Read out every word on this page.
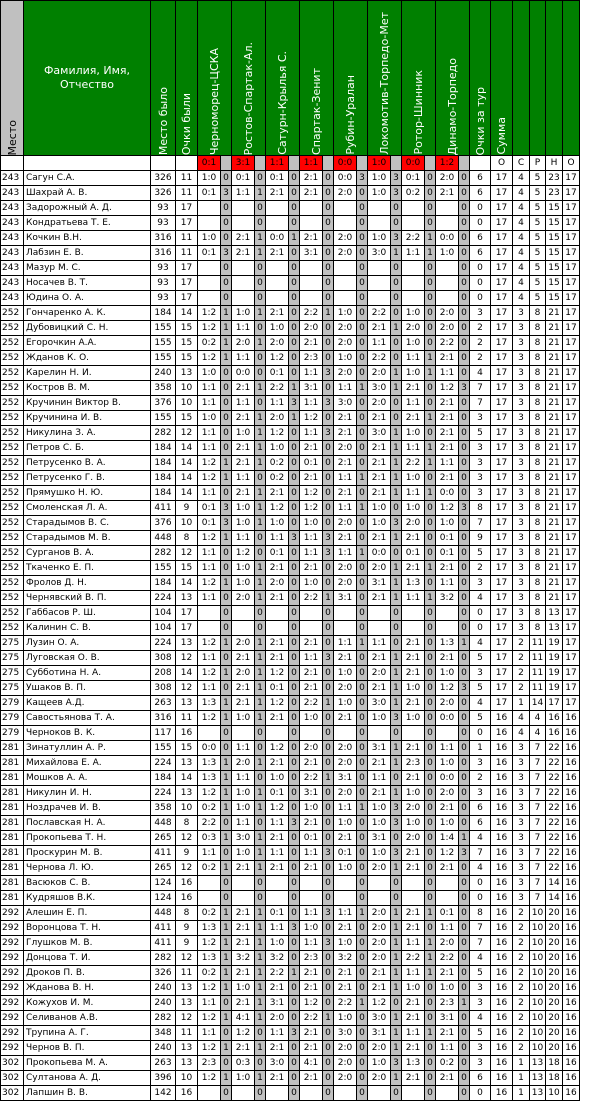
Место	Фамилия, Имя, Отчество	Место было	Очки были	Черноморец-ЦСКА		Ростов-Спартак-Ал.		Сатурн-Крылья С.		Спартак-Зенит		Рубин-Уралан		Локомотив-Торпедо-Мет		Ротор-Шинник		Динамо-Торпедо		Очки за тур	Сумма				

				0:1		3:1		1:1		1:1		0:0		1:0		0:0		1:2			О	С	Р	Н	О
243	Сагун С.А.	326	11	1:0	0	0:1	0	0:1	0	2:1	0	0:0	3	1:0	3	0:1	0	2:0	0	6	17	4	5	23	17
243	Шахрай А. В.	326	11	0:1	3	1:1	1	2:1	0	2:1	0	2:0	0	1:0	3	0:2	0	2:1	0	6	17	4	5	23	17
243	Задорожный А. Д.	93	17		0		0		0		0		0		0		0		0	0	17	4	5	15	17
243	Кондратьева Т. Е.	93	17		0		0		0		0		0		0		0		0	0	17	4	5	15	17
243	Кочкин В.Н.	316	11	1:0	0	2:1	1	0:0	1	2:1	0	2:0	0	1:0	3	2:2	1	0:0	0	6	17	4	5	15	17
243	Лабзин Е. В.	316	11	0:1	3	2:1	1	2:1	0	3:1	0	2:0	0	3:0	1	1:1	1	1:0	0	6	17	4	5	15	17
243	Мазур М. С.	93	17		0		0		0		0		0		0		0		0	0	17	4	5	15	17
243	Носачев В. Т.	93	17		0		0		0		0		0		0		0		0	0	17	4	5	15	17
243	Юдина О. А.	93	17		0		0		0		0		0		0		0		0	0	17	4	5	15	17
252	Гончаренко А. К.	184	14	1:2	1	1:0	1	2:1	0	2:2	1	1:0	0	2:2	0	1:0	0	2:0	0	3	17	3	8	21	17
252	Дубовицкий С. Н.	155	15	1:2	1	1:1	0	1:0	0	2:0	0	2:0	0	2:1	1	2:0	0	2:0	0	2	17	3	8	21	17
252	Егорочкин А.А.	155	15	0:2	1	2:0	1	2:0	0	2:1	0	2:0	0	1:1	0	1:0	0	2:2	0	2	17	3	8	21	17
252	Жданов К. О.	155	15	1:2	1	1:1	0	1:2	0	2:3	0	1:0	0	2:2	0	1:1	1	2:1	0	2	17	3	8	21	17
252	Карелин Н. И.	240	13	1:0	0	0:0	0	0:1	0	1:1	3	2:0	0	2:0	1	1:0	1	1:1	0	4	17	3	8	21	17
252	Костров В. М.	358	10	1:1	0	2:1	1	2:2	1	3:1	0	1:1	1	3:0	1	2:1	0	1:2	3	7	17	3	8	21	17
252	Кручинин Виктор В.	376	10	1:1	0	1:1	0	1:1	3	1:1	3	3:0	0	2:0	0	1:1	0	2:1	0	7	17	3	8	21	17
252	Кручинина И. В.	155	15	1:0	0	2:1	1	2:0	1	1:2	0	2:1	0	2:1	0	2:1	1	2:1	0	3	17	3	8	21	17
252	Никулина З. А.	282	12	1:1	0	1:0	1	1:2	0	1:1	3	2:1	0	3:0	1	1:0	0	2:1	0	5	17	3	8	21	17
252	Петров С. Б.	184	14	1:1	0	2:1	1	1:0	0	2:1	0	2:0	0	2:1	1	1:1	1	2:1	0	3	17	3	8	21	17
252	Петрусенко В. А.	184	14	1:2	1	2:1	1	0:2	0	0:1	0	2:1	0	2:1	1	2:2	1	1:1	0	3	17	3	8	21	17
252	Петрусенко Г. В.	184	14	1:2	1	1:1	0	0:2	0	2:1	0	1:1	1	2:1	1	1:0	0	2:1	0	3	17	3	8	21	17
252	Прямушко Н. Ю.	184	14	1:1	0	2:1	1	2:1	0	1:2	0	2:1	0	2:1	1	1:1	1	0:0	0	3	17	3	8	21	17
252	Смоленская Л. А.	411	9	0:1	3	1:0	1	1:2	0	1:2	0	1:1	1	1:0	0	1:0	0	1:2	3	8	17	3	8	21	17
252	Старадымов В. С.	376	10	0:1	3	1:0	1	1:0	0	1:0	0	2:0	0	1:0	3	2:0	0	1:0	0	7	17	3	8	21	17
252	Старадымов М. В.	448	8	1:2	1	1:1	0	1:1	3	1:1	3	2:1	0	2:1	1	2:1	0	0:1	0	9	17	3	8	21	17
252	Сурганов В. А.	282	12	1:1	0	1:2	0	0:1	0	1:1	3	1:1	1	0:0	0	0:1	0	0:1	0	5	17	3	8	21	17
252	Ткаченко Е. П.	155	15	1:1	0	1:0	1	2:1	0	2:1	0	2:0	0	2:0	1	2:1	1	2:1	0	2	17	3	8	21	17
252	Фролов Д. Н.	184	14	1:2	1	1:0	1	2:0	0	1:0	0	2:0	0	3:1	1	1:3	0	1:1	0	3	17	3	8	21	17
252	Чернявский В. П.	224	13	1:1	0	2:0	1	2:1	0	2:2	1	3:1	0	2:1	1	1:1	1	3:2	0	4	17	3	8	21	17
252	Габбасов Р. Ш.	104	17		0		0		0		0		0		0		0		0	0	17	3	8	13	17
252	Калинин С. В.	104	17		0		0		0		0		0		0		0		0	0	17	3	8	13	17
275	Лузин О. А.	224	13	1:2	1	2:0	1	2:1	0	2:1	0	1:1	1	1:1	0	2:1	0	1:3	1	4	17	2	11	19	17
275	Луговская О. В.	308	12	1:1	0	2:1	1	2:1	0	1:1	3	2:1	0	2:1	1	2:1	0	2:1	0	5	17	2	11	19	17
275	Субботина Н. А.	208	14	1:2	1	2:0	1	1:2	0	2:1	0	1:0	0	2:0	1	2:1	0	1:0	0	3	17	2	11	19	17
275	Ушаков В. П.	308	12	1:1	0	2:1	1	0:1	0	2:1	0	2:0	0	2:1	1	1:0	0	1:2	3	5	17	2	11	19	17
279	Кащеев А.Д.	263	13	1:3	1	2:1	1	1:2	0	2:2	1	1:0	0	3:0	1	2:1	0	2:0	0	4	17	1	14	17	17
279	Савостьянова Т. А.	316	11	1:2	1	1:0	1	2:1	0	1:0	0	2:1	0	1:0	3	1:0	0	0:0	0	5	16	4	4	16	16
279	Черноков В. К.	117	16		0		0		0		0		0		0		0		0	0	16	4	4	16	16
281	Зинатуллин А. Р.	155	15	0:0	0	1:1	0	1:2	0	2:0	0	2:0	0	3:1	1	2:1	0	1:1	0	1	16	3	7	22	16
281	Михайлова Е. А.	224	13	1:3	1	2:0	1	2:1	0	2:1	0	2:0	0	2:1	1	2:3	0	1:0	0	3	16	3	7	22	16
281	Мошков А. А.	184	14	1:3	1	1:1	0	1:0	0	2:2	1	3:1	0	1:1	0	2:1	0	0:0	0	2	16	3	7	22	16
281	Никулин И. Н.	224	13	1:2	1	1:0	1	0:1	0	3:1	0	2:0	0	2:1	1	1:0	0	2:0	0	3	16	3	7	22	16
281	Ноздрачев И. В.	358	10	0:2	1	1:0	1	1:2	0	1:0	0	1:1	1	1:0	3	2:0	0	2:1	0	6	16	3	7	22	16
281	Пославская Н. А.	448	8	2:2	0	1:1	0	1:1	3	2:1	0	1:0	0	1:0	3	1:0	0	1:0	0	6	16	3	7	22	16
281	Прокопьева Т. Н.	265	12	0:3	1	3:0	1	2:1	0	0:1	0	2:1	0	3:1	0	2:0	0	1:4	1	4	16	3	7	22	16
281	Проскурин М. В.	411	9	1:1	0	1:0	1	1:1	0	1:1	3	0:1	0	1:0	3	2:1	0	1:2	3	7	16	3	7	22	16
281	Чернова Л. Ю.	265	12	0:2	1	2:1	1	2:1	0	2:1	0	1:0	0	2:0	1	2:1	0	2:1	0	4	16	3	7	22	16
281	Васюков С. В.	124	16		0		0		0		0		0		0		0		0	0	16	3	7	14	16
281	Кудряшов В.К.	124	16		0		0		0		0		0		0		0		0	0	16	3	7	14	16
292	Алешин Е. П.	448	8	0:2	1	2:1	1	0:1	0	1:1	3	1:1	1	2:0	1	2:1	1	0:1	0	8	16	2	10	20	16
292	Воронцова Т. Н.	411	9	1:3	1	2:1	1	1:1	3	1:0	0	2:1	0	2:0	1	2:1	0	1:1	0	7	16	2	10	20	16
292	Глушков М. В.	411	9	1:2	1	2:1	1	1:0	0	1:1	3	1:0	0	2:0	1	1:1	1	2:0	0	7	16	2	10	20	16
292	Донцова Т. И.	282	12	1:3	1	3:2	1	3:2	0	2:3	0	3:2	0	2:0	1	2:2	1	2:2	0	4	16	2	10	20	16
292	Дроков П. В.	326	11	0:2	1	2:1	1	2:2	1	2:1	0	2:1	0	2:1	1	1:1	1	2:1	0	5	16	2	10	20	16
292	Жданова В. Н.	240	13	1:2	1	1:0	1	2:1	0	2:1	0	2:1	0	2:1	1	1:0	0	1:0	0	3	16	2	10	20	16
292	Кожухов И. М.	240	13	1:1	0	2:1	1	3:1	0	1:2	0	2:2	1	1:2	0	2:1	0	2:3	1	3	16	2	10	20	16
292	Селиванов А.В.	282	12	1:2	1	4:1	1	2:0	0	2:2	1	1:0	0	3:0	1	2:1	0	3:1	0	4	16	2	10	20	16
292	Трупина А. Г.	348	11	1:1	0	1:2	0	1:1	3	2:1	0	3:0	0	3:1	1	1:1	1	2:1	0	5	16	2	10	20	16
292	Чернов В. П.	240	13	1:2	1	2:1	1	2:1	0	2:1	0	2:0	0	2:0	1	2:1	0	1:1	0	3	16	2	10	20	16
302	Прокопьева М. А.	263	13	2:3	0	0:3	0	3:0	0	4:1	0	2:0	0	1:0	3	1:3	0	0:2	0	3	16	1	13	18	16
302	Султанова А. Д.	396	10	1:2	1	1:0	1	2:1	0	2:1	0	2:0	0	2:0	1	2:1	0	2:1	0	6	16	1	13	18	16
302	Лапшин В. В.	142	16		0		0		0		0		0		0		0		0	0	16	1	13	10	16
